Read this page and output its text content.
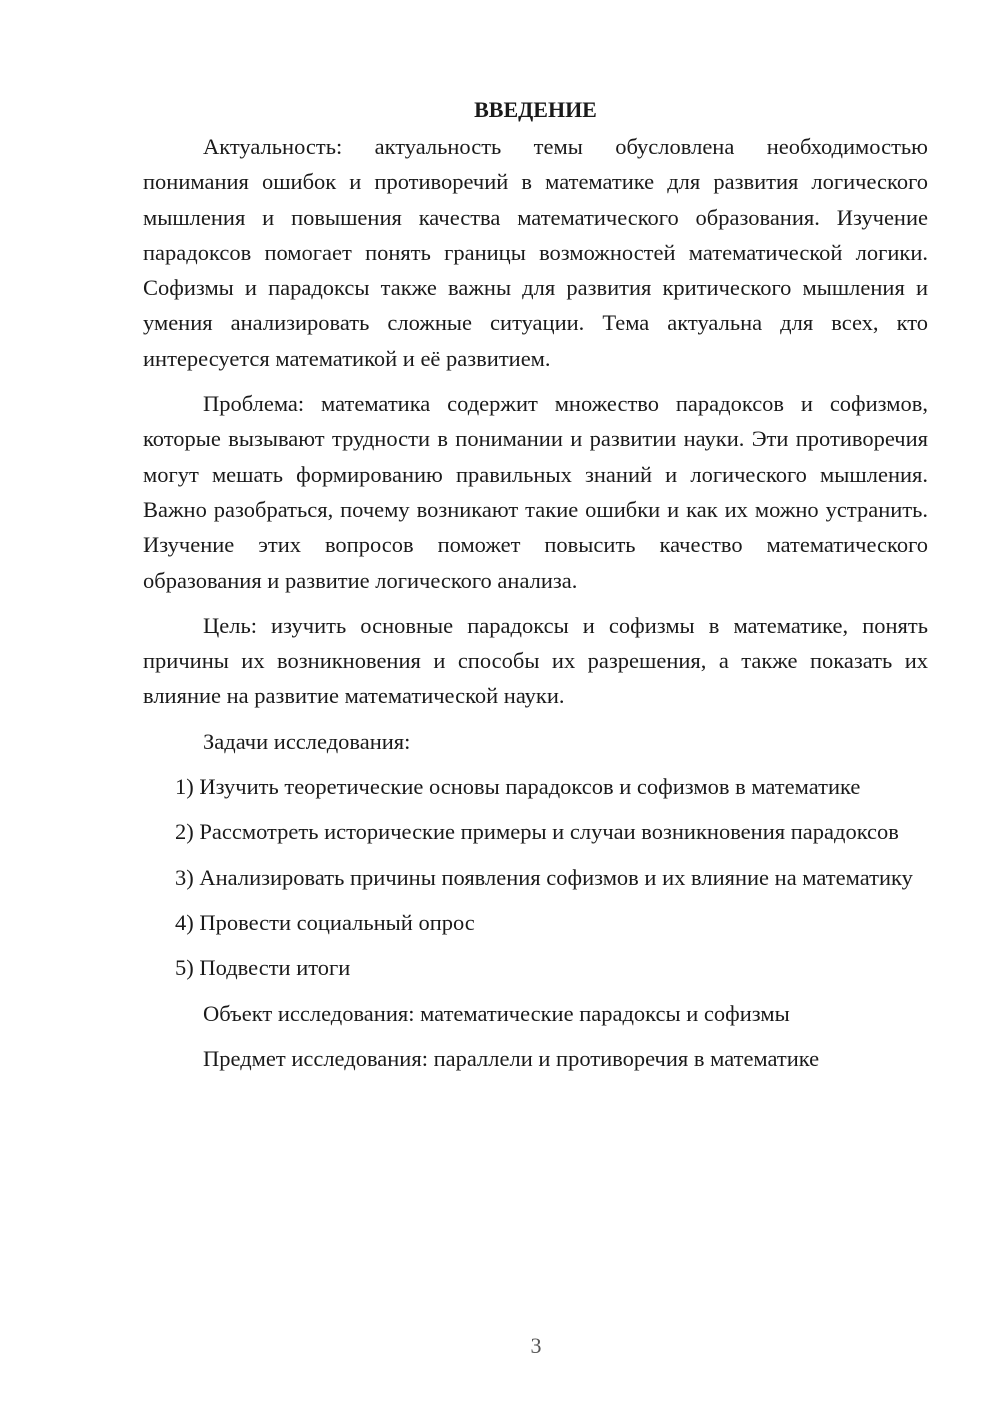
ВВЕДЕНИЕ

Актуальность: актуальность темы обусловлена необходимостью понимания ошибок и противоречий в математике для развития логического мышления и повышения качества математического образования. Изучение парадоксов помогает понять границы возможностей математической логики. Софизмы и парадоксы также важны для развития критического мышления и умения анализировать сложные ситуации. Тема актуальна для всех, кто интересуется математикой и её развитием.

Проблема: математика содержит множество парадоксов и софизмов, которые вызывают трудности в понимании и развитии науки. Эти противоречия могут мешать формированию правильных знаний и логического мышления. Важно разобраться, почему возникают такие ошибки и как их можно устранить. Изучение этих вопросов поможет повысить качество математического образования и развитие логического анализа.

Цель: изучить основные парадоксы и софизмы в математике, понять причины их возникновения и способы их разрешения, а также показать их влияние на развитие математической науки.

Задачи исследования:

1) Изучить теоретические основы парадоксов и софизмов в математике

2) Рассмотреть исторические примеры и случаи возникновения парадоксов

3) Анализировать причины появления софизмов и их влияние на математику

4) Провести социальный опрос

5) Подвести итоги

Объект исследования: математические парадоксы и софизмы

Предмет исследования: параллели и противоречия в математике

3
